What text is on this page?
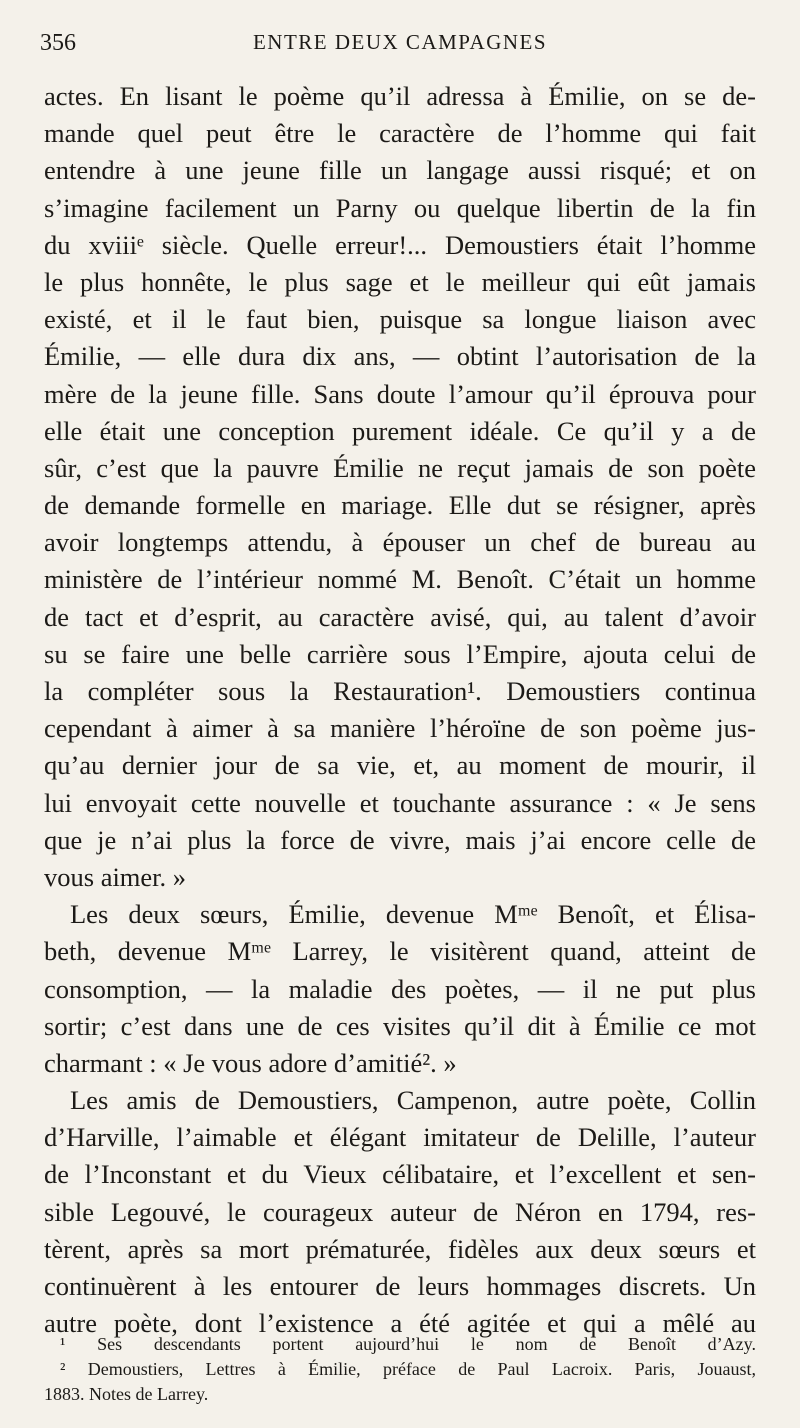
356	ENTRE DEUX CAMPAGNES
actes. En lisant le poème qu’il adressa à Émilie, on se de-
mande quel peut être le caractère de l’homme qui fait
entendre à une jeune fille un langage aussi risqué; et on
s’imagine facilement un Parny ou quelque libertin de la fin
du xviiiᵉ siècle. Quelle erreur!... Demoustiers était l’homme
le plus honnête, le plus sage et le meilleur qui eût jamais
existé, et il le faut bien, puisque sa longue liaison avec
Émilie, — elle dura dix ans, — obtint l’autorisation de la
mère de la jeune fille. Sans doute l’amour qu’il éprouva pour
elle était une conception purement idéale. Ce qu’il y a de
sûr, c’est que la pauvre Émilie ne reçut jamais de son poète
de demande formelle en mariage. Elle dut se résigner, après
avoir longtemps attendu, à épouser un chef de bureau au
ministère de l’intérieur nommé M. Benoît. C’était un homme
de tact et d’esprit, au caractère avisé, qui, au talent d’avoir
su se faire une belle carrière sous l’Empire, ajouta celui de
la compléter sous la Restauration¹. Demoustiers continua
cependant à aimer à sa manière l’héroïne de son poème jus-
qu’au dernier jour de sa vie, et, au moment de mourir, il
lui envoyait cette nouvelle et touchante assurance : « Je sens
que je n’ai plus la force de vivre, mais j’ai encore celle de
vous aimer. »
Les deux sœurs, Émilie, devenue Mᵐᵉ Benoît, et Élisa-
beth, devenue Mᵐᵉ Larrey, le visitèrent quand, atteint de
consomption, — la maladie des poètes, — il ne put plus
sortir; c’est dans une de ces visites qu’il dit à Émilie ce mot
charmant : « Je vous adore d’amitié². »
Les amis de Demoustiers, Campenon, autre poète, Collin
d’Harville, l’aimable et élégant imitateur de Delille, l’auteur
de l’Inconstant et du Vieux célibataire, et l’excellent et sen-
sible Legouvé, le courageux auteur de Néron en 1794, res-
tèrent, après sa mort prématurée, fidèles aux deux sœurs et
continuèrent à les entourer de leurs hommages discrets. Un
autre poète, dont l’existence a été agitée et qui a mêlé au
¹ Ses descendants portent aujourd’hui le nom de Benoît d’Azy.
² Demoustiers, Lettres à Émilie, préface de Paul Lacroix. Paris, Jouaust,
1883. Notes de Larrey.
